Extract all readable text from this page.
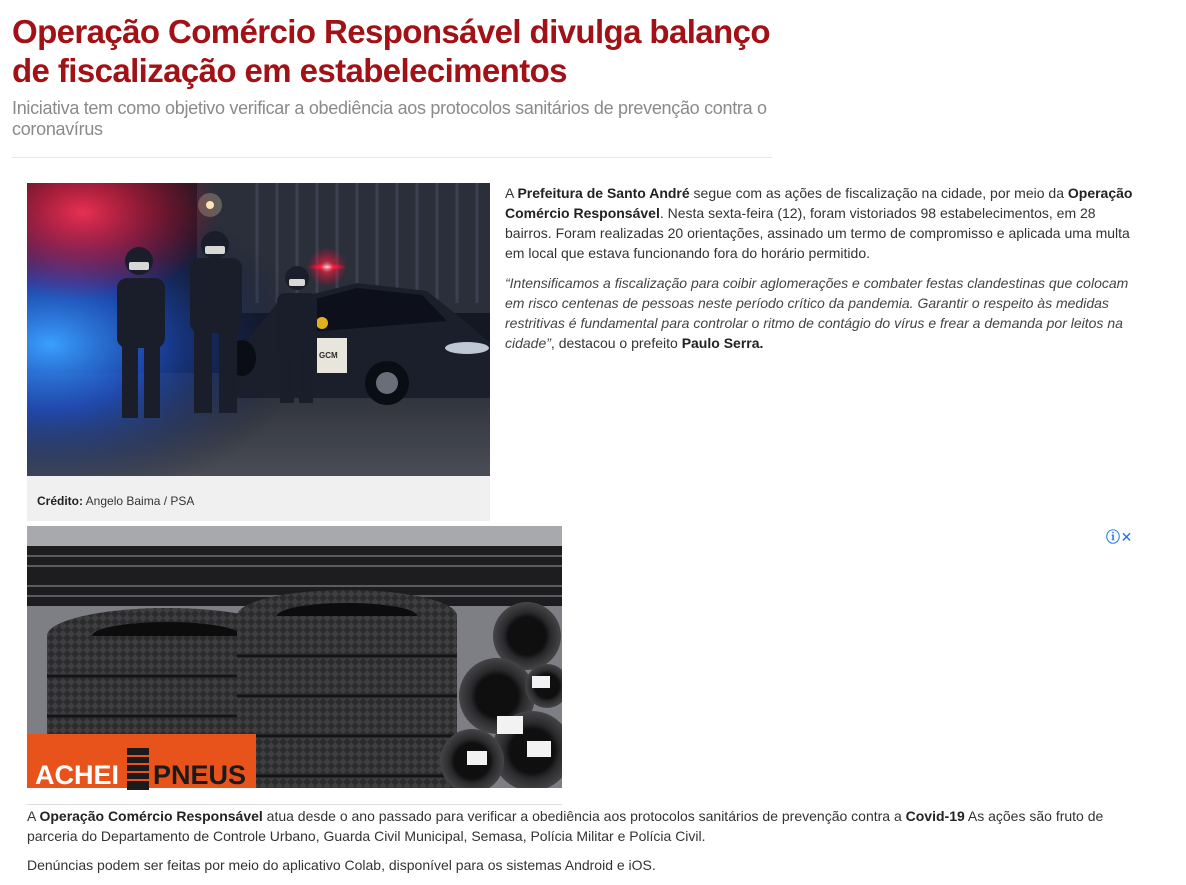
Operação Comércio Responsável divulga balanço de fiscalização em estabelecimentos

Iniciativa tem como objetivo verificar a obediência aos protocolos sanitários de prevenção contra o coronavírus

GCM
Crédito: Angelo Baima / PSA

A Prefeitura de Santo André segue com as ações de fiscalização na cidade, por meio da Operação Comércio Responsável. Nesta sexta-feira (12), foram vistoriados 98 estabelecimentos, em 28 bairros. Foram realizadas 20 orientações, assinado um termo de compromisso e aplicada uma multa em local que estava funcionando fora do horário permitido.

“Intensificamos a fiscalização para coibir aglomerações e combater festas clandestinas que colocam em risco centenas de pessoas neste período crítico da pandemia. Garantir o respeito às medidas restritivas é fundamental para controlar o ritmo de contágio do vírus e frear a demanda por leitos na cidade”, destacou o prefeito Paulo Serra.

ACHEI PNEUS
ⓘ✕

A Operação Comércio Responsável atua desde o ano passado para verificar a obediência aos protocolos sanitários de prevenção contra a Covid-19 As ações são fruto de parceria do Departamento de Controle Urbano, Guarda Civil Municipal, Semasa, Polícia Militar e Polícia Civil.

Denúncias podem ser feitas por meio do aplicativo Colab, disponível para os sistemas Android e iOS.
